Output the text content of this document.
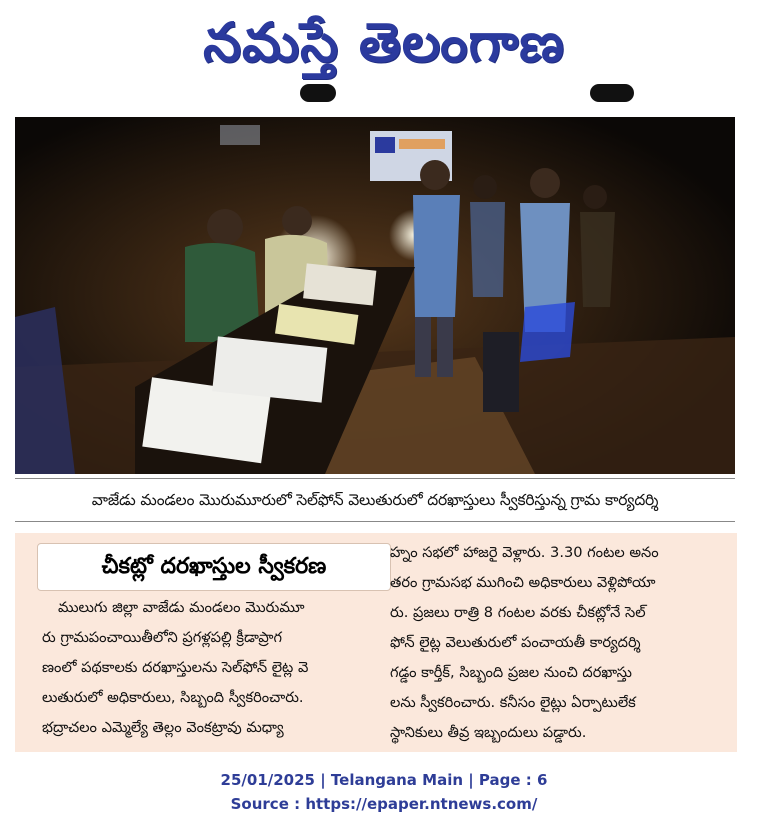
నమస్తే తెలంగాణ
వాజేడు మండలం మొరుమూరులో సెల్‌ఫోన్ వెలుతురులో దరఖాస్తులు స్వీకరిస్తున్న గ్రామ కార్యదర్శి
చీకట్లో దరఖాస్తుల స్వీకరణ

ములుగు జిల్లా వాజేడు మండలం మొరుమూ

రు గ్రామపంచాయితీలోని ప్రగళ్లపల్లి క్రీడాప్రాగ

ణంలో పథకాలకు దరఖాస్తులను సెల్‌ఫోన్ లైట్ల వె

లుతురులో అధికారులు, సిబ్బంది స్వీకరించారు.

భద్రాచలం ఎమ్మెల్యే తెల్లం వెంకట్రావు మధ్యా

హ్నం సభలో హాజరై వెళ్లారు. 3.30 గంటల అనం

తరం గ్రామసభ ముగించి అధికారులు వెళ్లిపోయా

రు. ప్రజలు రాత్రి 8 గంటల వరకు చీకట్లోనే సెల్

ఫోన్ లైట్ల వెలుతురులో పంచాయతీ కార్యదర్శి

గడ్డం కార్తీక్, సిబ్బంది ప్రజల నుంచి దరఖాస్తు

లను స్వీకరించారు. కనీసం లైట్లు ఏర్పాటులేక

స్థానికులు తీవ్ర ఇబ్బందులు పడ్డారు.

25/01/2025 | Telangana Main | Page : 6
Source : https://epaper.ntnews.com/
